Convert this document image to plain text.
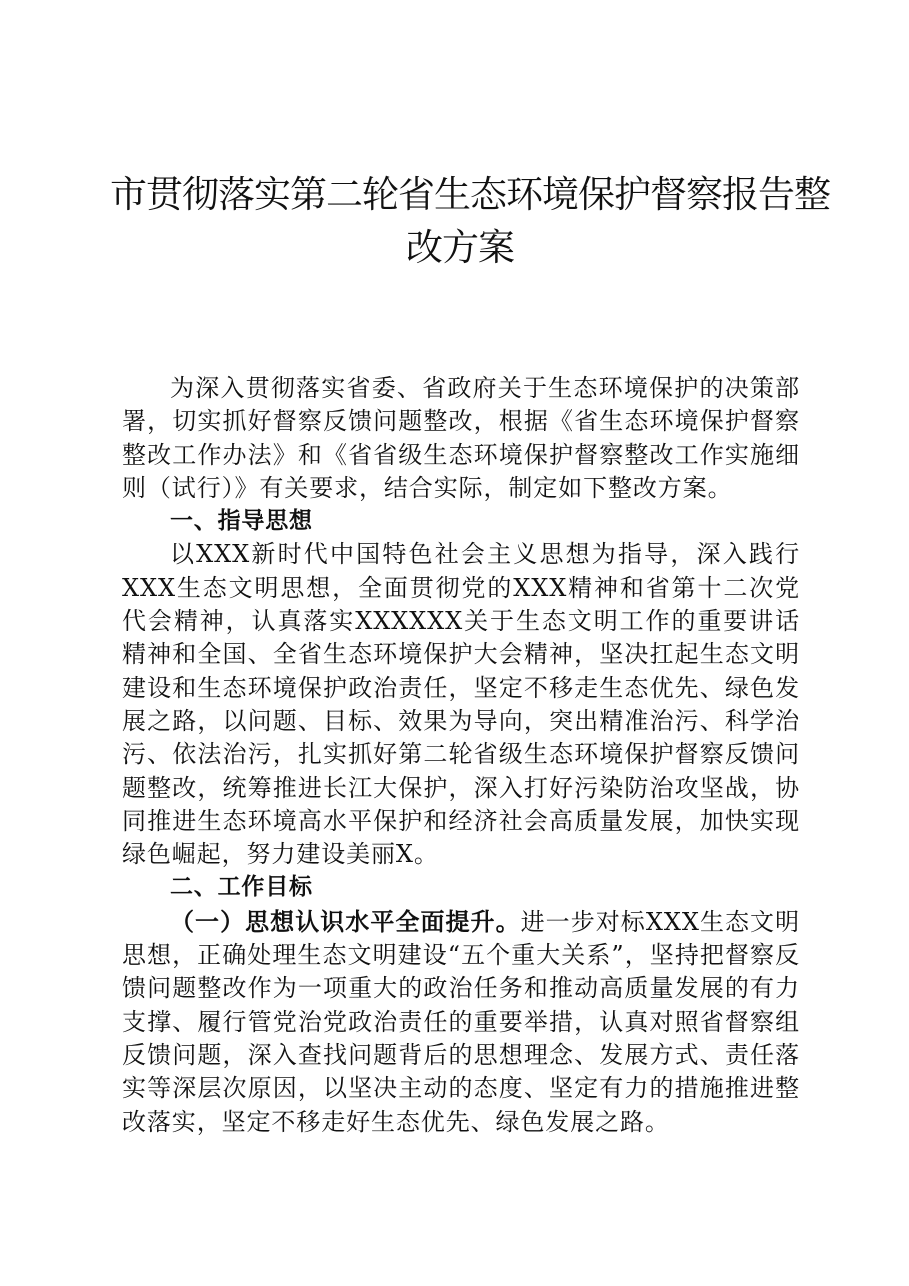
市贯彻落实第二轮省生态环境保护督察报告整
改方案

为深入贯彻落实省委、省政府关于生态环境保护的决策部署，切实抓好督察反馈问题整改，根据《省生态环境保护督察整改工作办法》和《省省级生态环境保护督察整改工作实施细则（试行）》有关要求，结合实际，制定如下整改方案。

一、指导思想

以XXX新时代中国特色社会主义思想为指导，深入践行XXX生态文明思想，全面贯彻党的XXX精神和省第十二次党代会精神，认真落实XXXXXX关于生态文明工作的重要讲话精神和全国、全省生态环境保护大会精神，坚决扛起生态文明建设和生态环境保护政治责任，坚定不移走生态优先、绿色发展之路，以问题、目标、效果为导向，突出精准治污、科学治污、依法治污，扎实抓好第二轮省级生态环境保护督察反馈问题整改，统筹推进长江大保护，深入打好污染防治攻坚战，协同推进生态环境高水平保护和经济社会高质量发展，加快实现绿色崛起，努力建设美丽X。

二、工作目标

（一）思想认识水平全面提升。进一步对标XXX生态文明思想，正确处理生态文明建设“五个重大关系”，坚持把督察反馈问题整改作为一项重大的政治任务和推动高质量发展的有力支撑、履行管党治党政治责任的重要举措，认真对照省督察组反馈问题，深入查找问题背后的思想理念、发展方式、责任落实等深层次原因，以坚决主动的态度、坚定有力的措施推进整改落实，坚定不移走好生态优先、绿色发展之路。
